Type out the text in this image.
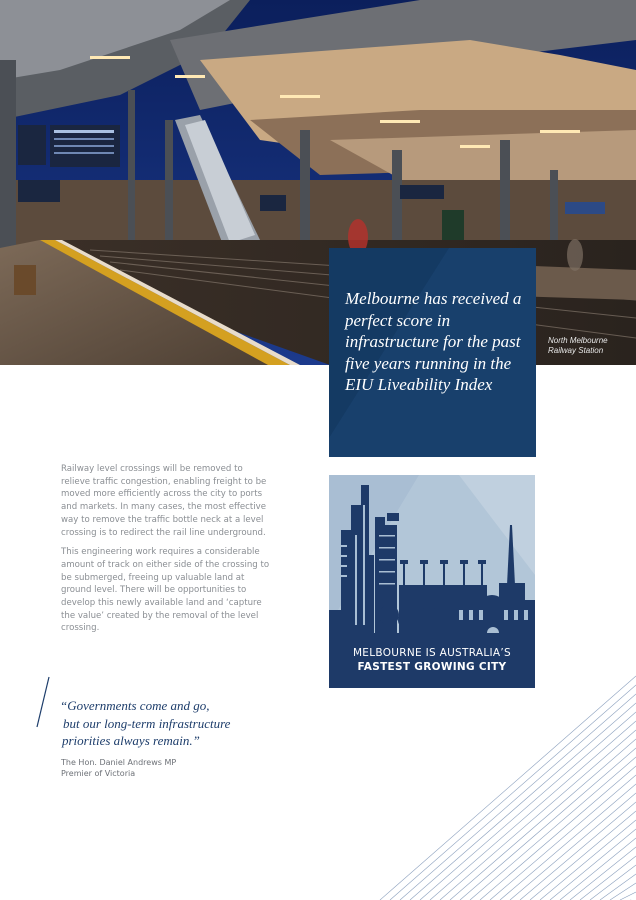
North Melbourne
Railway Station

Melbourne has received a perfect score in infrastructure for the past five years running in the EIU Liveability Index

Railway level crossings will be removed to relieve traffic congestion, enabling freight to be moved more efficiently across the city to ports and markets. In many cases, the most effective way to remove the traffic bottle neck at a level crossing is to redirect the rail line underground.

This engineering work requires a considerable amount of track on either side of the crossing to be submerged, freeing up valuable land at ground level. There will be opportunities to develop this newly available land and ‘capture the value’ created by the removal of the level crossing.

“Governments come and go,
but our long-term infrastructure
priorities always remain.”
The Hon. Daniel Andrews MP
Premier of Victoria
MELBOURNE IS AUSTRALIA’S
FASTEST GROWING CITY
